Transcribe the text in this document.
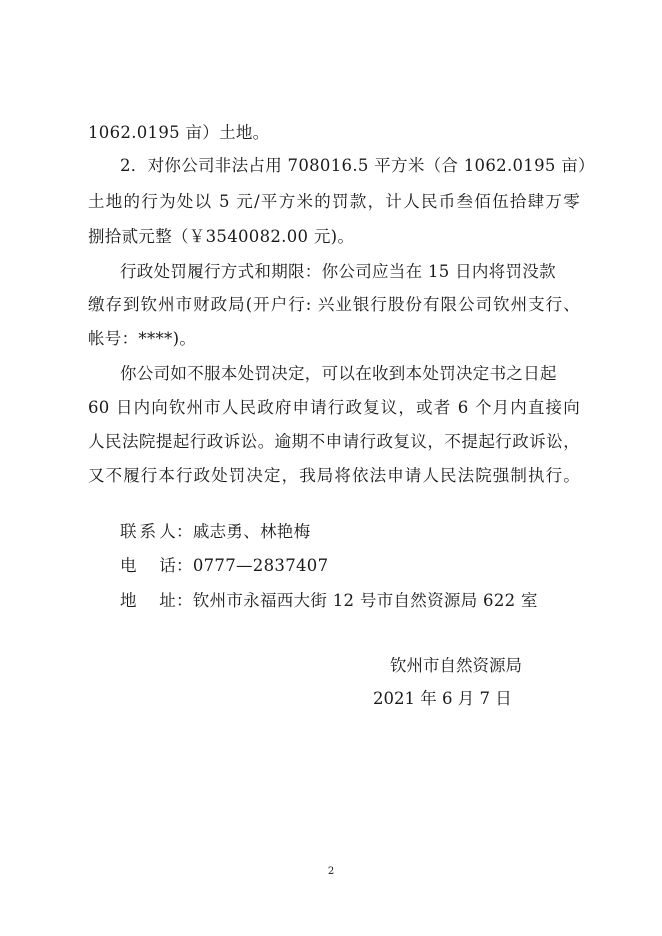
1062.0195 亩）土地。
2．对你公司非法占用 708016.5 平方米（合 1062.0195 亩）
土地的行为处以 5 元/平方米的罚款，计人民币叁佰伍拾肆万零
捌拾贰元整（￥3540082.00 元)。
行政处罚履行方式和期限：你公司应当在 15 日内将罚没款
缴存到钦州市财政局(开户行: 兴业银行股份有限公司钦州支行、
帐号：****)。
你公司如不服本处罚决定，可以在收到本处罚决定书之日起
60 日内向钦州市人民政府申请行政复议，或者 6 个月内直接向
人民法院提起行政诉讼。逾期不申请行政复议，不提起行政诉讼，
又不履行本行政处罚决定，我局将依法申请人民法院强制执行。
联系人：戚志勇、林艳梅
电话：0777—2837407
地址：钦州市永福西大街 12 号市自然资源局 622 室
钦州市自然资源局
2021 年 6 月 7 日
2
